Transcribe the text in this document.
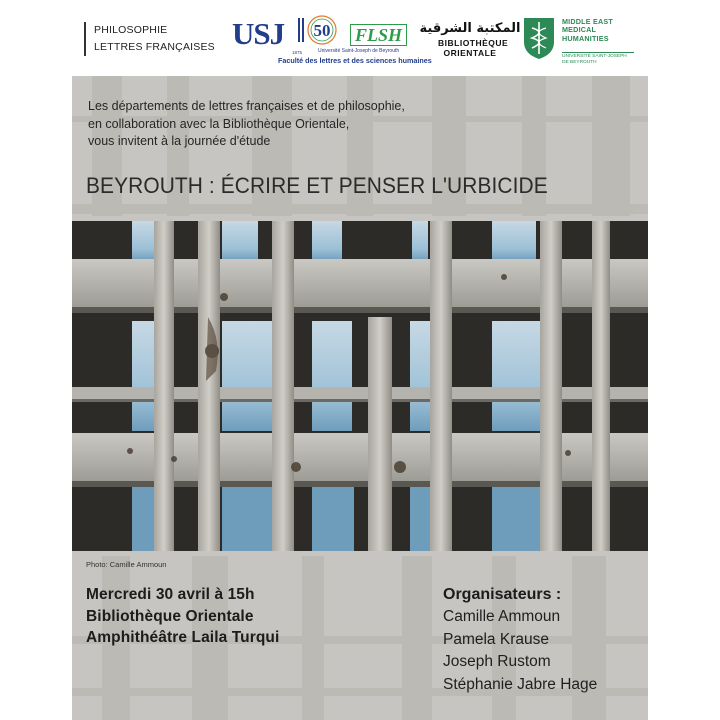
PHILOSOPHIE
LETTRES FRANÇAISES USJ 50
1875
FLSH
Université Saint-Joseph de Beyrouth
Faculté des lettres et des sciences humaines
المكتبة الشرقية
BIBLIOTHÈQUE
ORIENTALE
MIDDLE EAST
MEDICAL
HUMANITIES
UNIVERSITÉ SAINT-JOSEPH
DE BEYROUTH
Les départements de lettres françaises et de philosophie,
en collaboration avec la Bibliothèque Orientale,
vous invitent à la journée d'étude
BEYROUTH : ÉCRIRE ET PENSER L'URBICIDE
Photo: Camille Ammoun
Mercredi 30 avril à 15h
Bibliothèque Orientale
Amphithéâtre Laila Turqui
Organisateurs :
Camille Ammoun
Pamela Krause
Joseph Rustom
Stéphanie Jabre Hage
